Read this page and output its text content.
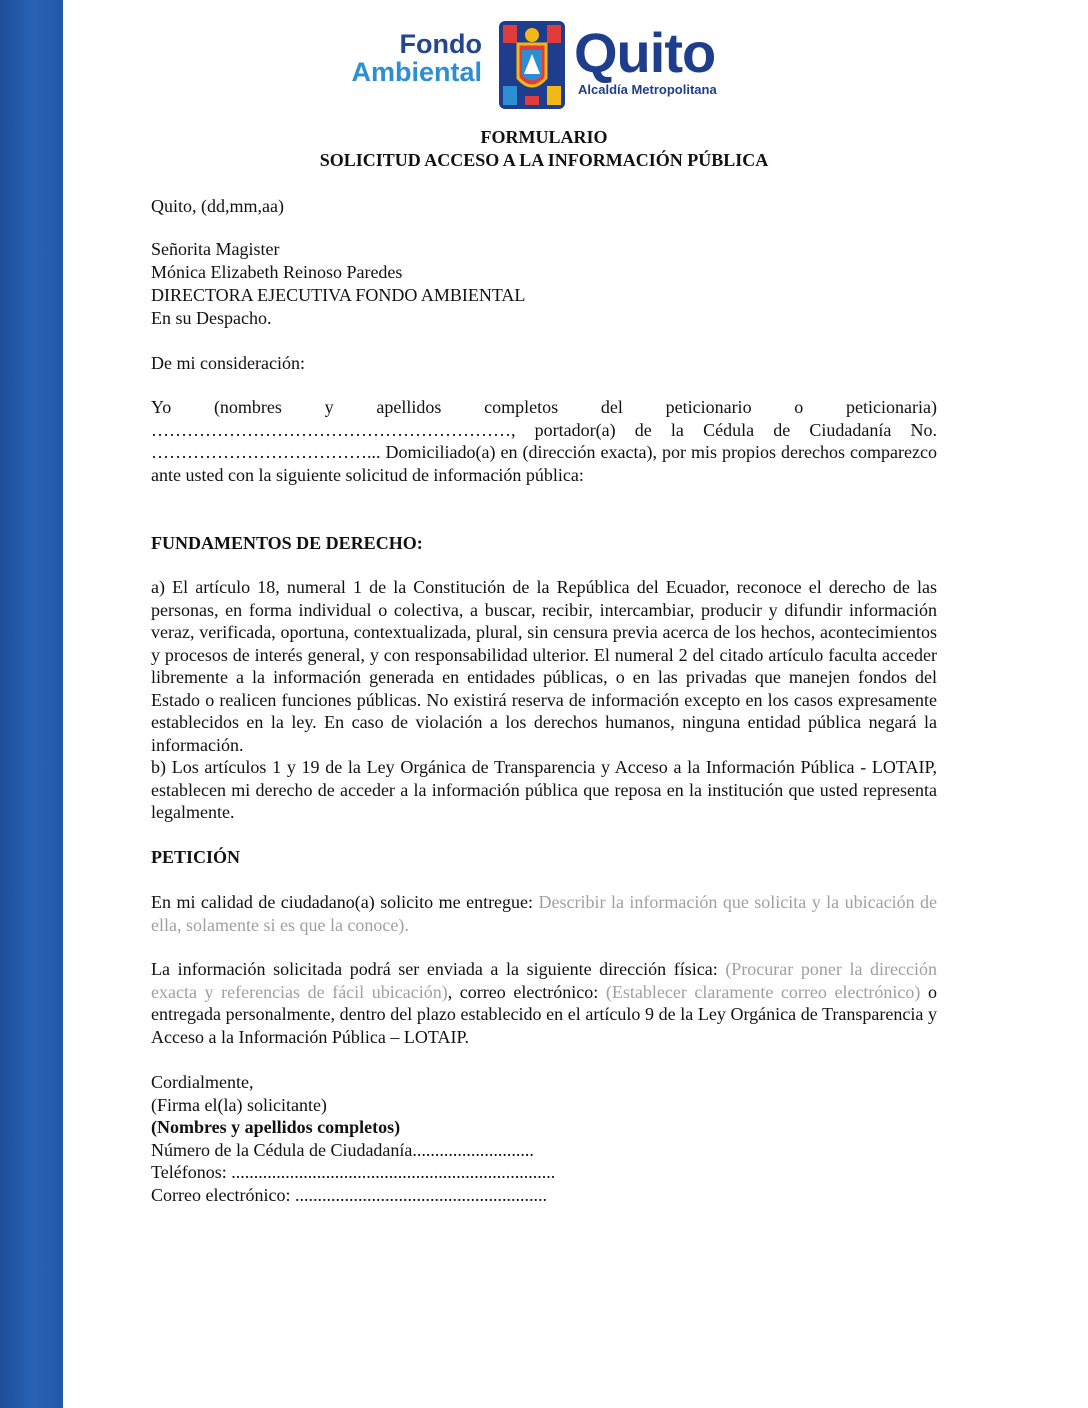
Fondo
Ambiental Quito
Alcaldía Metropolitana

FORMULARIO

SOLICITUD ACCESO A LA INFORMACIÓN PÚBLICA

Quito, (dd,mm,aa)

Señorita Magister

Mónica Elizabeth Reinoso Paredes

DIRECTORA EJECUTIVA FONDO AMBIENTAL

En su Despacho.

De mi consideración:

Yo (nombres y apellidos completos del peticionario o peticionaria) ……………………………………………………, portador(a) de la Cédula de Ciudadanía No. ………………………………... Domiciliado(a) en (dirección exacta), por mis propios derechos comparezco ante usted con la siguiente solicitud de información pública:

FUNDAMENTOS DE DERECHO:

a) El artículo 18, numeral 1 de la Constitución de la República del Ecuador, reconoce el derecho de las personas, en forma individual o colectiva, a buscar, recibir, intercambiar, producir y difundir información veraz, verificada, oportuna, contextualizada, plural, sin censura previa acerca de los hechos, acontecimientos y procesos de interés general, y con responsabilidad ulterior. El numeral 2 del citado artículo faculta acceder libremente a la información generada en entidades públicas, o en las privadas que manejen fondos del Estado o realicen funciones públicas. No existirá reserva de información excepto en los casos expresamente establecidos en la ley. En caso de violación a los derechos humanos, ninguna entidad pública negará la información.

b) Los artículos 1 y 19 de la Ley Orgánica de Transparencia y Acceso a la Información Pública - LOTAIP, establecen mi derecho de acceder a la información pública que reposa en la institución que usted representa legalmente.

PETICIÓN

En mi calidad de ciudadano(a) solicito me entregue: Describir la información que solicita y la ubicación de ella, solamente si es que la conoce).

La información solicitada podrá ser enviada a la siguiente dirección física: (Procurar poner la dirección exacta y referencias de fácil ubicación), correo electrónico: (Establecer claramente correo electrónico) o entregada personalmente, dentro del plazo establecido en el artículo 9 de la Ley Orgánica de Transparencia y Acceso a la Información Pública – LOTAIP.

Cordialmente,

(Firma el(la) solicitante)

(Nombres y apellidos completos)

Número de la Cédula de Ciudadanía...........................

Teléfonos: ........................................................................

Correo electrónico: ........................................................
